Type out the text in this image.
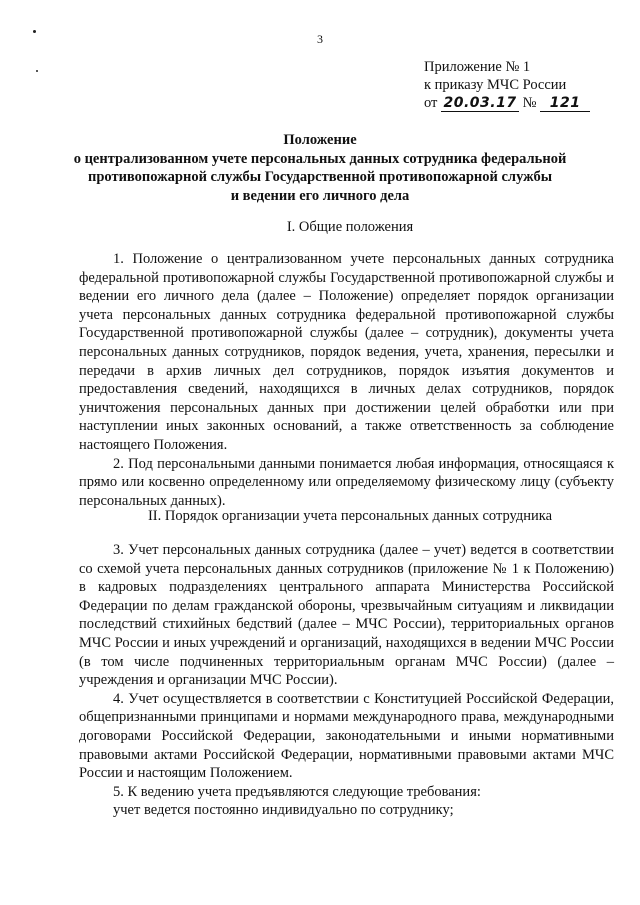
3
Приложение № 1
к приказу МЧС России
от 20.03.17 № 121
Положение
о централизованном учете персональных данных сотрудника федеральной
противопожарной службы Государственной противопожарной службы
и ведении его личного дела
I. Общие положения

1. Положение о централизованном учете персональных данных сотрудника федеральной противопожарной службы Государственной противопожарной службы и ведении его личного дела (далее – Положение) определяет порядок организации учета персональных данных сотрудника федеральной противопожарной службы Государственной противопожарной службы (далее – сотрудник), документы учета персональных данных сотрудников, порядок ведения, учета, хранения, пересылки и передачи в архив личных дел сотрудников, порядок изъятия документов и предоставления сведений, находящихся в личных делах сотрудников, порядок уничтожения персональных данных при достижении целей обработки или при наступлении иных законных оснований, а также ответственность за соблюдение настоящего Положения.

2. Под персональными данными понимается любая информация, относящаяся к прямо или косвенно определенному или определяемому физическому лицу (субъекту персональных данных).

II. Порядок организации учета персональных данных сотрудника

3. Учет персональных данных сотрудника (далее – учет) ведется в соответствии со схемой учета персональных данных сотрудников (приложение № 1 к Положению) в кадровых подразделениях центрального аппарата Министерства Российской Федерации по делам гражданской обороны, чрезвычайным ситуациям и ликвидации последствий стихийных бедствий (далее – МЧС России), территориальных органов МЧС России и иных учреждений и организаций, находящихся в ведении МЧС России (в том числе подчиненных территориальным органам МЧС России) (далее – учреждения и организации МЧС России).

4. Учет осуществляется в соответствии с Конституцией Российской Федерации, общепризнанными принципами и нормами международного права, международными договорами Российской Федерации, законодательными и иными нормативными правовыми актами Российской Федерации, нормативными правовыми актами МЧС России и настоящим Положением.

5. К ведению учета предъявляются следующие требования:

учет ведется постоянно индивидуально по сотруднику;
